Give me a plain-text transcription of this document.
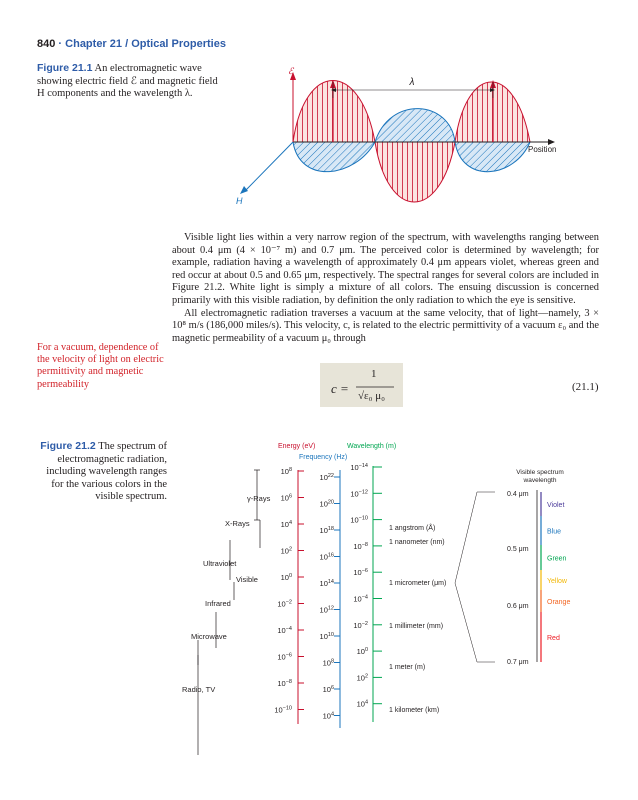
840 · Chapter 21 / Optical Properties
Figure 21.1 An electromagnetic wave showing electric field ℰ and magnetic field H components and the wavelength λ.
λ
ℰ
H
Position

Visible light lies within a very narrow region of the spectrum, with wavelengths ranging between about 0.4 μm (4 × 10⁻⁷ m) and 0.7 μm. The perceived color is determined by wavelength; for example, radiation having a wavelength of approximately 0.4 μm appears violet, whereas green and red occur at about 0.5 and 0.65 μm, respectively. The spectral ranges for several colors are included in Figure 21.2. White light is simply a mixture of all colors. The ensuing discussion is concerned primarily with this visible radiation, by definition the only radiation to which the eye is sensitive.

All electromagnetic radiation traverses a vacuum at the same velocity, that of light—namely, 3 × 10⁸ m/s (186,000 miles/s). This velocity, c, is related to the electric permittivity of a vacuum ε₀ and the magnetic permeability of a vacuum μ₀ through

For a vacuum, dependence of the velocity of light on electric permittivity and magnetic permeability	c =
1
√ε₀ μ₀
(21.1)
Figure 21.2 The spectrum of electromagnetic radiation, including wavelength ranges for the various colors in the visible spectrum.
Energy (eV)
Frequency (Hz)
Wavelength (m)
$10^8$
$10^6$
$10^4$
$10^2$
$10^0$
$10^{-2}$
$10^{-4}$
$10^{-6}$
$10^{-8}$
$10^{-10}$
$10^{22}$
$10^{20}$
$10^{18}$
$10^{16}$
$10^{14}$
$10^{12}$
$10^{10}$
$10^8$
$10^6$
$10^4$
$10^{-14}$
$10^{-12}$
$10^{-10}$
$10^{-8}$
$10^{-6}$
$10^{-4}$
$10^{-2}$
$10^0$
$10^2$
$10^4$
γ-Rays
X-Rays
Ultraviolet
Visible
Infrared
Microwave
Radio, TV
1 angstrom (Å)
1 nanometer (nm)
1 micrometer (μm)
1 millimeter (mm)
1 meter (m)
1 kilometer (km)
Visible spectrum
wavelength
0.4 μm
0.5 μm
0.6 μm
0.7 μm
Violet
Blue
Green
Yellow
Orange
Red
